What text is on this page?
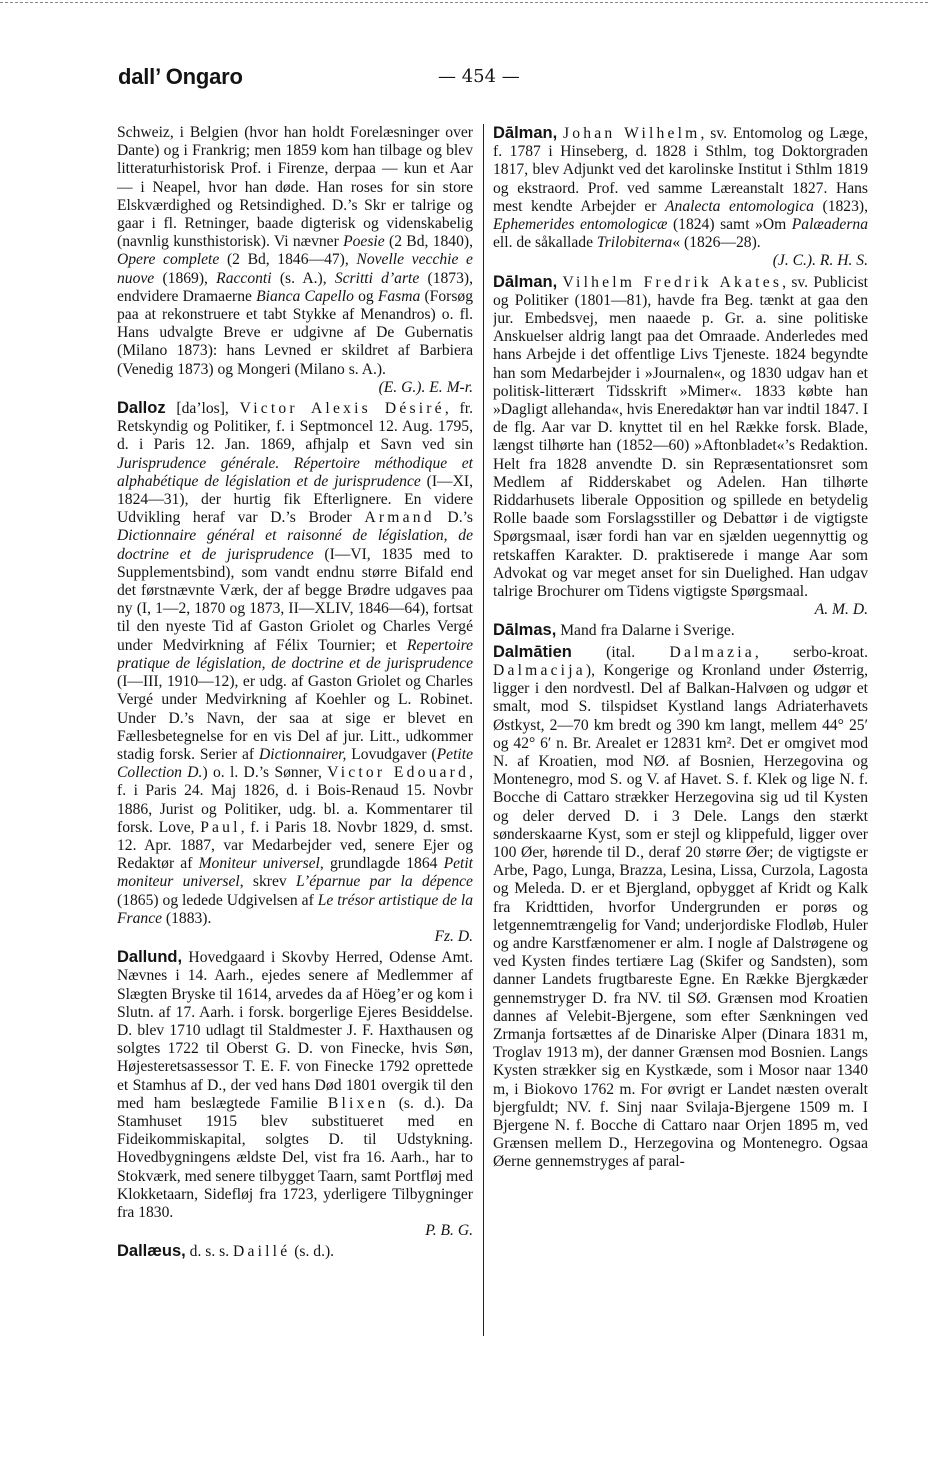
dall’ Ongaro	— 454 —

Schweiz, i Belgien (hvor han holdt Forelæsninger over Dante) og i Frankrig; men 1859 kom han tilbage og blev litteraturhistorisk Prof. i Firenze, derpaa — kun et Aar — i Neapel, hvor han døde. Han roses for sin store Elskværdighed og Retsindighed. D.’s Skr er talrige og gaar i fl. Retninger, baade digterisk og videnskabelig (navnlig kunsthistorisk). Vi nævner Poesie (2 Bd, 1840), Opere complete (2 Bd, 1846—47), Novelle vecchie e nuove (1869), Racconti (s. A.), Scritti d’arte (1873), endvidere Dramaerne Bianca Capello og Fasma (Forsøg paa at rekonstruere et tabt Stykke af Menandros) o. fl. Hans udvalgte Breve er udgivne af De Gubernatis (Milano 1873): hans Levned er skildret af Barbiera (Venedig 1873) og Mongeri (Milano s. A.).
(E. G.). E. M-r.

Dalloz [da’los], Victor Alexis Désiré, fr. Retskyndig og Politiker, f. i Septmoncel 12. Aug. 1795, d. i Paris 12. Jan. 1869, afhjalp et Savn ved sin Jurisprudence générale. Répertoire méthodique et alphabétique de législation et de jurisprudence (I—XI, 1824—31), der hurtig fik Efterlignere. En videre Udvikling heraf var D.’s Broder Armand D.’s Dictionnaire général et raisonné de législation, de doctrine et de jurisprudence (I—VI, 1835 med to Supplementsbind), som vandt endnu større Bifald end det førstnævnte Værk, der af begge Brødre udgaves paa ny (I, 1—2, 1870 og 1873, II—XLIV, 1846—64), fortsat til den nyeste Tid af Gaston Griolet og Charles Vergé under Medvirkning af Félix Tournier; et Repertoire pratique de législation, de doctrine et de jurisprudence (I—III, 1910—12), er udg. af Gaston Griolet og Charles Vergé under Medvirkning af Koehler og L. Robinet. Under D.’s Navn, der saa at sige er blevet en Fællesbetegnelse for en vis Del af jur. Litt., udkommer stadig forsk. Serier af Dictionnairer, Lovudgaver (Petite Collection D.) o. l. D.’s Sønner, Victor Edouard, f. i Paris 24. Maj 1826, d. i Bois-Renaud 15. Novbr 1886, Jurist og Politiker, udg. bl. a. Kommentarer til forsk. Love, Paul, f. i Paris 18. Novbr 1829, d. smst. 12. Apr. 1887, var Medarbejder ved, senere Ejer og Redaktør af Moniteur universel, grundlagde 1864 Petit moniteur universel, skrev L’éparnue par la dépence (1865) og ledede Udgivelsen af Le trésor artistique de la France (1883).
Fz. D.

Dallund, Hovedgaard i Skovby Herred, Odense Amt. Nævnes i 14. Aarh., ejedes senere af Medlemmer af Slægten Bryske til 1614, arvedes da af Höeg’er og kom i Slutn. af 17. Aarh. i forsk. borgerlige Ejeres Besiddelse. D. blev 1710 udlagt til Staldmester J. F. Haxthausen og solgtes 1722 til Oberst G. D. von Finecke, hvis Søn, Højesteretsassessor T. E. F. von Finecke 1792 oprettede et Stamhus af D., der ved hans Død 1801 overgik til den med ham beslægtede Familie Blixen (s. d.). Da Stamhuset 1915 blev substitueret med en Fideikommiskapital, solgtes D. til Udstykning. Hovedbygningens ældste Del, vist fra 16. Aarh., har to Stokværk, med senere tilbygget Taarn, samt Portfløj med Klokketaarn, Sidefløj fra 1723, yderligere Tilbygninger fra 1830.
P. B. G.

Dallæus, d. s. s. Daillé (s. d.).

Dālman, Johan Wilhelm, sv. Entomolog og Læge, f. 1787 i Hinseberg, d. 1828 i Sthlm, tog Doktorgraden 1817, blev Adjunkt ved det karolinske Institut i Sthlm 1819 og ekstraord. Prof. ved samme Læreanstalt 1827. Hans mest kendte Arbejder er Analecta entomologica (1823), Ephemerides entomologicæ (1824) samt »Om Palæaderna ell. de såkallade Trilobiterna« (1826—28).
(J. C.). R. H. S.

Dālman, Vilhelm Fredrik Akates, sv. Publicist og Politiker (1801—81), havde fra Beg. tænkt at gaa den jur. Embedsvej, men naaede p. Gr. a. sine politiske Anskuelser aldrig langt paa det Omraade. Anderledes med hans Arbejde i det offentlige Livs Tjeneste. 1824 begyndte han som Medarbejder i »Journalen«, og 1830 udgav han et politisk-litterært Tidsskrift »Mimer«. 1833 købte han »Dagligt allehanda«, hvis Eneredaktør han var indtil 1847. I de flg. Aar var D. knyttet til en hel Række forsk. Blade, længst tilhørte han (1852—60) »Aftonbladet«’s Redaktion. Helt fra 1828 anvendte D. sin Repræsentationsret som Medlem af Ridderskabet og Adelen. Han tilhørte Riddarhusets liberale Opposition og spillede en betydelig Rolle baade som Forslagsstiller og Debattør i de vigtigste Spørgsmaal, især fordi han var en sjælden uegennyttig og retskaffen Karakter. D. praktiserede i mange Aar som Advokat og var meget anset for sin Duelighed. Han udgav talrige Brochurer om Tidens vigtigste Spørgsmaal.
A. M. D.

Dālmas, Mand fra Dalarne i Sverige.

Dalmātien (ital. Dalmazia, serbo-kroat. Dalmacija), Kongerige og Kronland under Østerrig, ligger i den nordvestl. Del af Balkan-Halvøen og udgør et smalt, mod S. tilspidset Kystland langs Adriaterhavets Østkyst, 2—70 km bredt og 390 km langt, mellem 44° 25′ og 42° 6′ n. Br. Arealet er 12831 km². Det er omgivet mod N. af Kroatien, mod NØ. af Bosnien, Herzegovina og Montenegro, mod S. og V. af Havet. S. f. Klek og lige N. f. Bocche di Cattaro strækker Herzegovina sig ud til Kysten og deler derved D. i 3 Dele. Langs den stærkt sønderskaarne Kyst, som er stejl og klippefuld, ligger over 100 Øer, hørende til D., deraf 20 større Øer; de vigtigste er Arbe, Pago, Lunga, Brazza, Lesina, Lissa, Curzola, Lagosta og Meleda. D. er et Bjergland, opbygget af Kridt og Kalk fra Kridttiden, hvorfor Undergrunden er porøs og letgennemtrængelig for Vand; underjordiske Flodløb, Huler og andre Karstfænomener er alm. I nogle af Dalstrøgene og ved Kysten findes tertiære Lag (Skifer og Sandsten), som danner Landets frugtbareste Egne. En Række Bjergkæder gennemstryger D. fra NV. til SØ. Grænsen mod Kroatien dannes af Velebit-Bjergene, som efter Sænkningen ved Zrmanja fortsættes af de Dinariske Alper (Dinara 1831 m, Troglav 1913 m), der danner Grænsen mod Bosnien. Langs Kysten strækker sig en Kystkæde, som i Mosor naar 1340 m, i Biokovo 1762 m. For øvrigt er Landet næsten overalt bjergfuldt; NV. f. Sinj naar Svilaja-Bjergene 1509 m. I Bjergene N. f. Bocche di Cattaro naar Orjen 1895 m, ved Grænsen mellem D., Herzegovina og Montenegro. Ogsaa Øerne gennemstryges af paral-
